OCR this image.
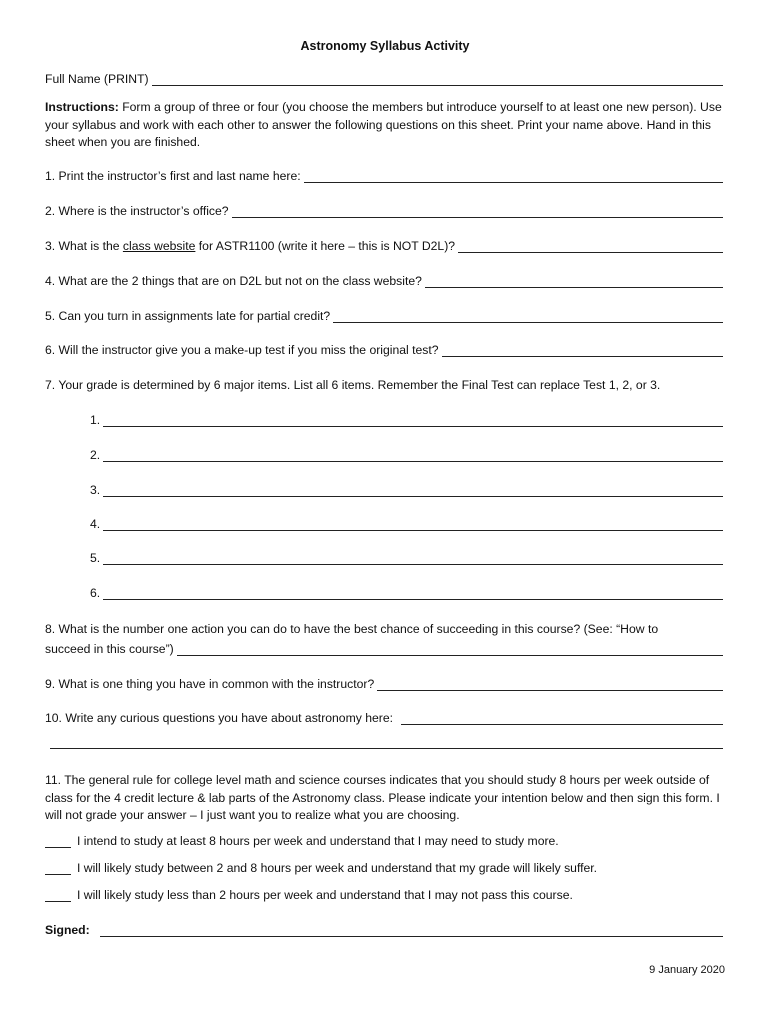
Astronomy Syllabus Activity
Full Name (PRINT)
Instructions: Form a group of three or four (you choose the members but introduce yourself to at least one new person). Use your syllabus and work with each other to answer the following questions on this sheet. Print your name above. Hand in this sheet when you are finished.
1. Print the instructor’s first and last name here:
2. Where is the instructor’s office?
3. What is the class website for ASTR1100 (write it here – this is NOT D2L)?
4. What are the 2 things that are on D2L but not on the class website?
5. Can you turn in assignments late for partial credit?
6. Will the instructor give you a make-up test if you miss the original test?
7. Your grade is determined by 6 major items. List all 6 items. Remember the Final Test can replace Test 1, 2, or 3.
1.
2.
3.
4.
5.
6.
8. What is the number one action you can do to have the best chance of succeeding in this course? (See: “How to
succeed in this course”)
9. What is one thing you have in common with the instructor?
10. Write any curious questions you have about astronomy here:
11. The general rule for college level math and science courses indicates that you should study 8 hours per week outside of class for the 4 credit lecture & lab parts of the Astronomy class. Please indicate your intention below and then sign this form. I will not grade your answer – I just want you to realize what you are choosing.
I intend to study at least 8 hours per week and understand that I may need to study more.
I will likely study between 2 and 8 hours per week and understand that my grade will likely suffer.
I will likely study less than 2 hours per week and understand that I may not pass this course.
Signed:
9 January 2020
